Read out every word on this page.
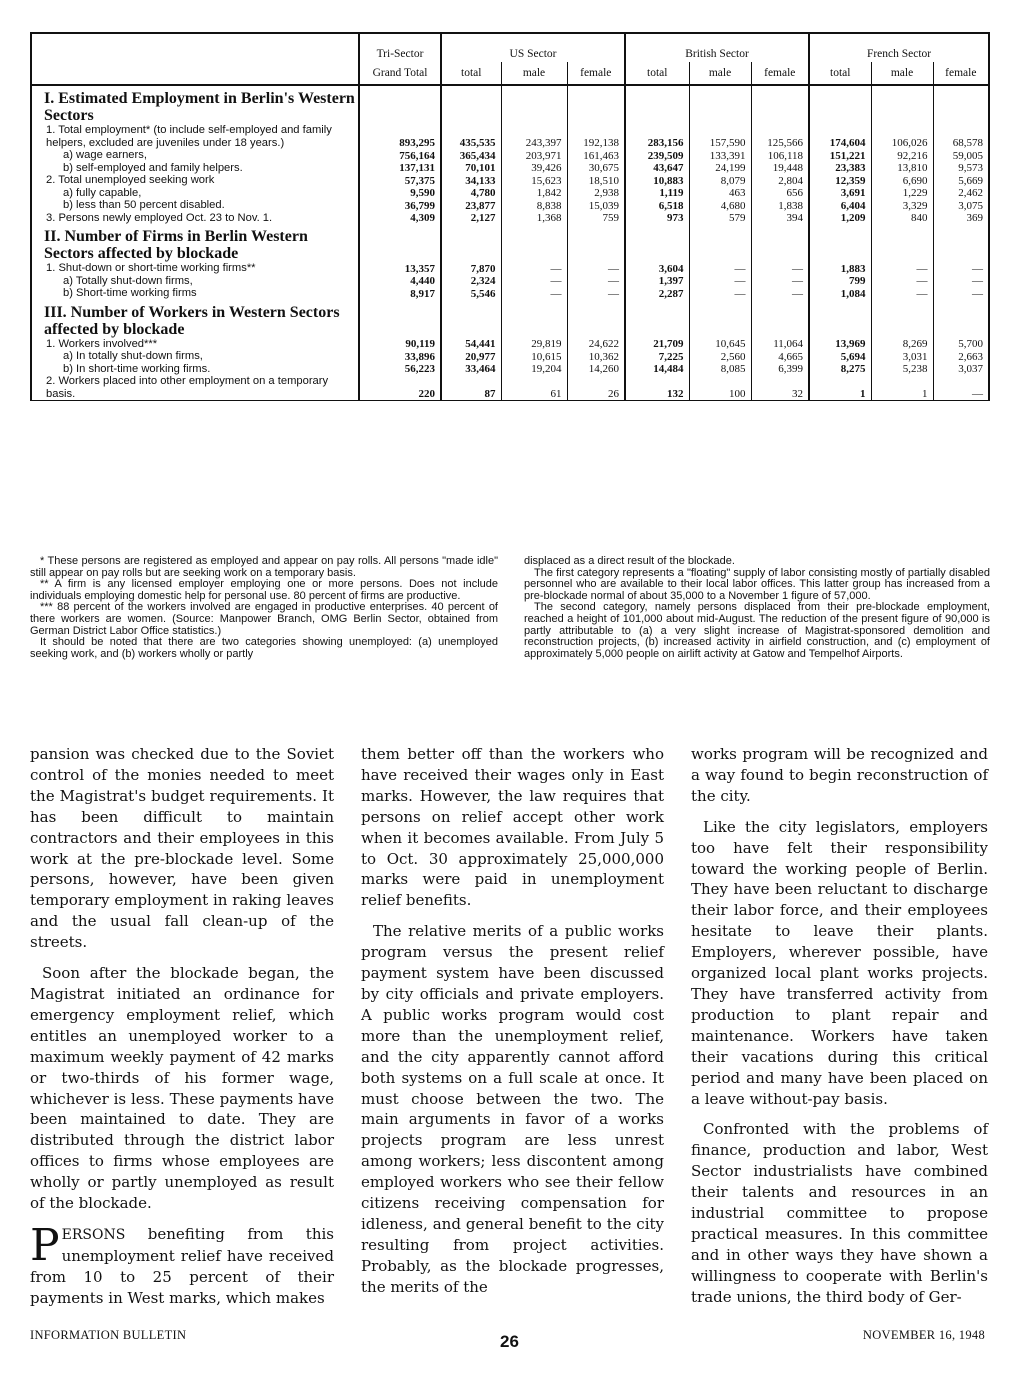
	Tri-Sector	US Sector			British Sector			French Sector		
	Grand Total	total	male	female	total	male	female	total	male	female
I. Estimated Employment in Berlin's Western Sectors										
1. Total employment* (to include self-employed and family helpers, excluded are juveniles under 18 years.)	893,295	435,535	243,397	192,138	283,156	157,590	125,566	174,604	106,026	68,578
a) wage earners,	756,164	365,434	203,971	161,463	239,509	133,391	106,118	151,221	92,216	59,005
b) self-employed and family helpers.	137,131	70,101	39,426	30,675	43,647	24,199	19,448	23,383	13,810	9,573
2. Total unemployed seeking work	57,375	34,133	15,623	18,510	10,883	8,079	2,804	12,359	6,690	5,669
a) fully capable,	9,590	4,780	1,842	2,938	1,119	463	656	3,691	1,229	2,462
b) less than 50 percent disabled.	36,799	23,877	8,838	15,039	6,518	4,680	1,838	6,404	3,329	3,075
3. Persons newly employed Oct. 23 to Nov. 1.	4,309	2,127	1,368	759	973	579	394	1,209	840	369
II. Number of Firms in Berlin Western Sectors affected by blockade										
1. Shut-down or short-time working firms**	13,357	7,870	—	—	3,604	—	—	1,883	—	—
a) Totally shut-down firms,	4,440	2,324	—	—	1,397	—	—	799	—	—
b) Short-time working firms	8,917	5,546	—	—	2,287	—	—	1,084	—	—
III. Number of Workers in Western Sectors affected by blockade										
1. Workers involved***	90,119	54,441	29,819	24,622	21,709	10,645	11,064	13,969	8,269	5,700
a) In totally shut-down firms,	33,896	20,977	10,615	10,362	7,225	2,560	4,665	5,694	3,031	2,663
b) In short-time working firms.	56,223	33,464	19,204	14,260	14,484	8,085	6,399	8,275	5,238	3,037
2. Workers placed into other employment on a temporary basis.	220	87	61	26	132	100	32	1	1	—

* These persons are registered as employed and appear on pay rolls. All persons "made idle" still appear on pay rolls but are seeking work on a temporary basis.

** A firm is any licensed employer employing one or more persons. Does not include individuals employing domestic help for personal use. 80 percent of firms are productive.

*** 88 percent of the workers involved are engaged in productive enterprises. 40 percent of there workers are women. (Source: Manpower Branch, OMG Berlin Sector, obtained from German District Labor Office statistics.)

It should be noted that there are two categories showing unemployed: (a) unemployed seeking work, and (b) workers wholly or partly

displaced as a direct result of the blockade.

The first category represents a "floating" supply of labor consisting mostly of partially disabled personnel who are available to their local labor offices. This latter group has increased from a pre-blockade normal of about 35,000 to a November 1 figure of 57,000.

The second category, namely persons displaced from their pre-blockade employment, reached a height of 101,000 about mid-August. The reduction of the present figure of 90,000 is partly attributable to (a) a very slight increase of Magistrat-sponsored demolition and reconstruction projects, (b) increased activity in airfield construction, and (c) employment of approximately 5,000 people on airlift activity at Gatow and Tempelhof Airports.

pansion was checked due to the Soviet control of the monies needed to meet the Magistrat's budget requirements. It has been difficult to maintain contractors and their employees in this work at the pre-blockade level. Some persons, however, have been given temporary employment in raking leaves and the usual fall clean-up of the streets.

Soon after the blockade began, the Magistrat initiated an ordinance for emergency employment relief, which entitles an unemployed worker to a maximum weekly payment of 42 marks or two-thirds of his former wage, whichever is less. These payments have been maintained to date. They are distributed through the district labor offices to firms whose employees are wholly or partly unemployed as result of the blockade.

PERSONS benefiting from this unemployment relief have received from 10 to 25 percent of their payments in West marks, which makes

them better off than the workers who have received their wages only in East marks. However, the law requires that persons on relief accept other work when it becomes available. From July 5 to Oct. 30 approximately 25,000,000 marks were paid in unemployment relief benefits.

The relative merits of a public works program versus the present relief payment system have been discussed by city officials and private employers. A public works program would cost more than the unemployment relief, and the city apparently cannot afford both systems on a full scale at once. It must choose between the two. The main arguments in favor of a works projects program are less unrest among workers; less discontent among employed workers who see their fellow citizens receiving compensation for idleness, and general benefit to the city resulting from project activities. Probably, as the blockade progresses, the merits of the

works program will be recognized and a way found to begin reconstruction of the city.

Like the city legislators, employers too have felt their responsibility toward the working people of Berlin. They have been reluctant to discharge their labor force, and their employees hesitate to leave their plants. Employers, wherever possible, have organized local plant works projects. They have transferred activity from production to plant repair and maintenance. Workers have taken their vacations during this critical period and many have been placed on a leave without-pay basis.

Confronted with the problems of finance, production and labor, West Sector industrialists have combined their talents and resources in an industrial committee to propose practical measures. In this committee and in other ways they have shown a willingness to cooperate with Berlin's trade unions, the third body of Ger-

INFORMATION BULLETIN	26	NOVEMBER 16, 1948
